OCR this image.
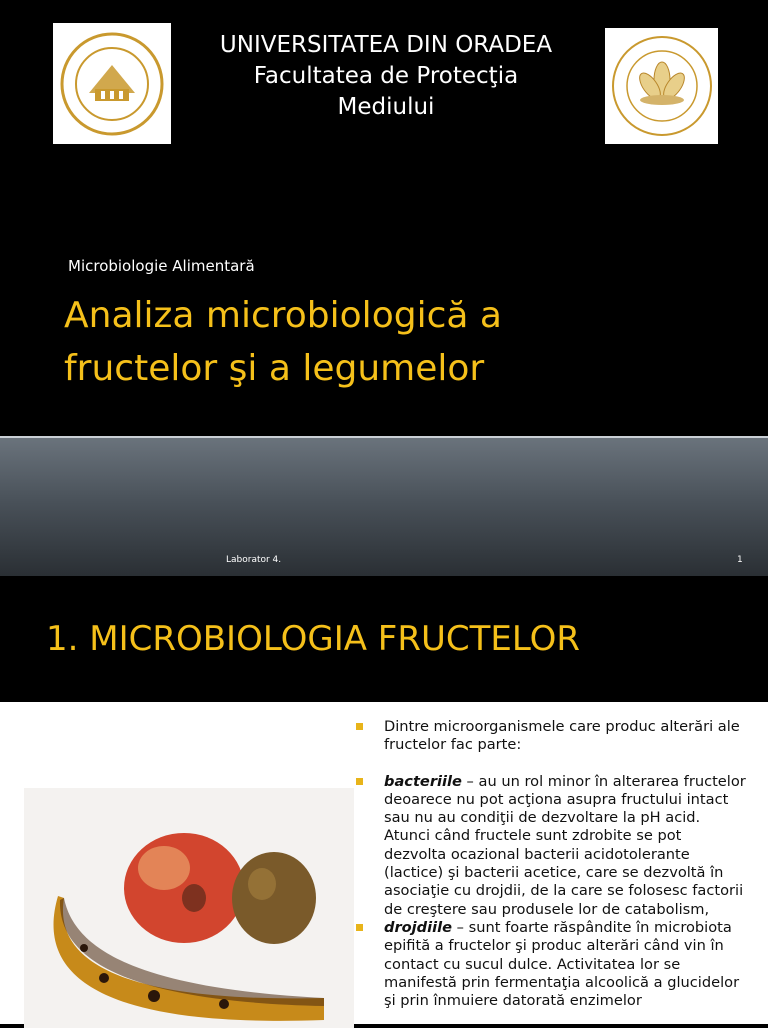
UNIVERSITATEA DIN ORADEA
Facultatea de Protecţia
Mediului
Microbiologie Alimentară
Analiza microbiologică a
fructelor şi a legumelor
Laborator 4.	1
1. MICROBIOLOGIA FRUCTELOR
Dintre microorganismele care produc alterări ale fructelor fac parte:
bacteriile – au un rol minor în alterarea fructelor deoarece nu pot acţiona asupra fructului intact sau nu au condiţii de dezvoltare la pH acid. Atunci când fructele sunt zdrobite se pot dezvolta ocazional bacterii acidotolerante (lactice) şi bacterii acetice, care se dezvoltă în asociaţie cu drojdii, de la care se folosesc factorii de creştere sau produsele lor de catabolism,
drojdiile – sunt foarte răspândite în microbiota epifită a fructelor şi produc alterări când vin în contact cu sucul dulce. Activitatea lor se manifestă prin fermentaţia alcoolică a glucidelor şi prin înmuiere datorată enzimelor
